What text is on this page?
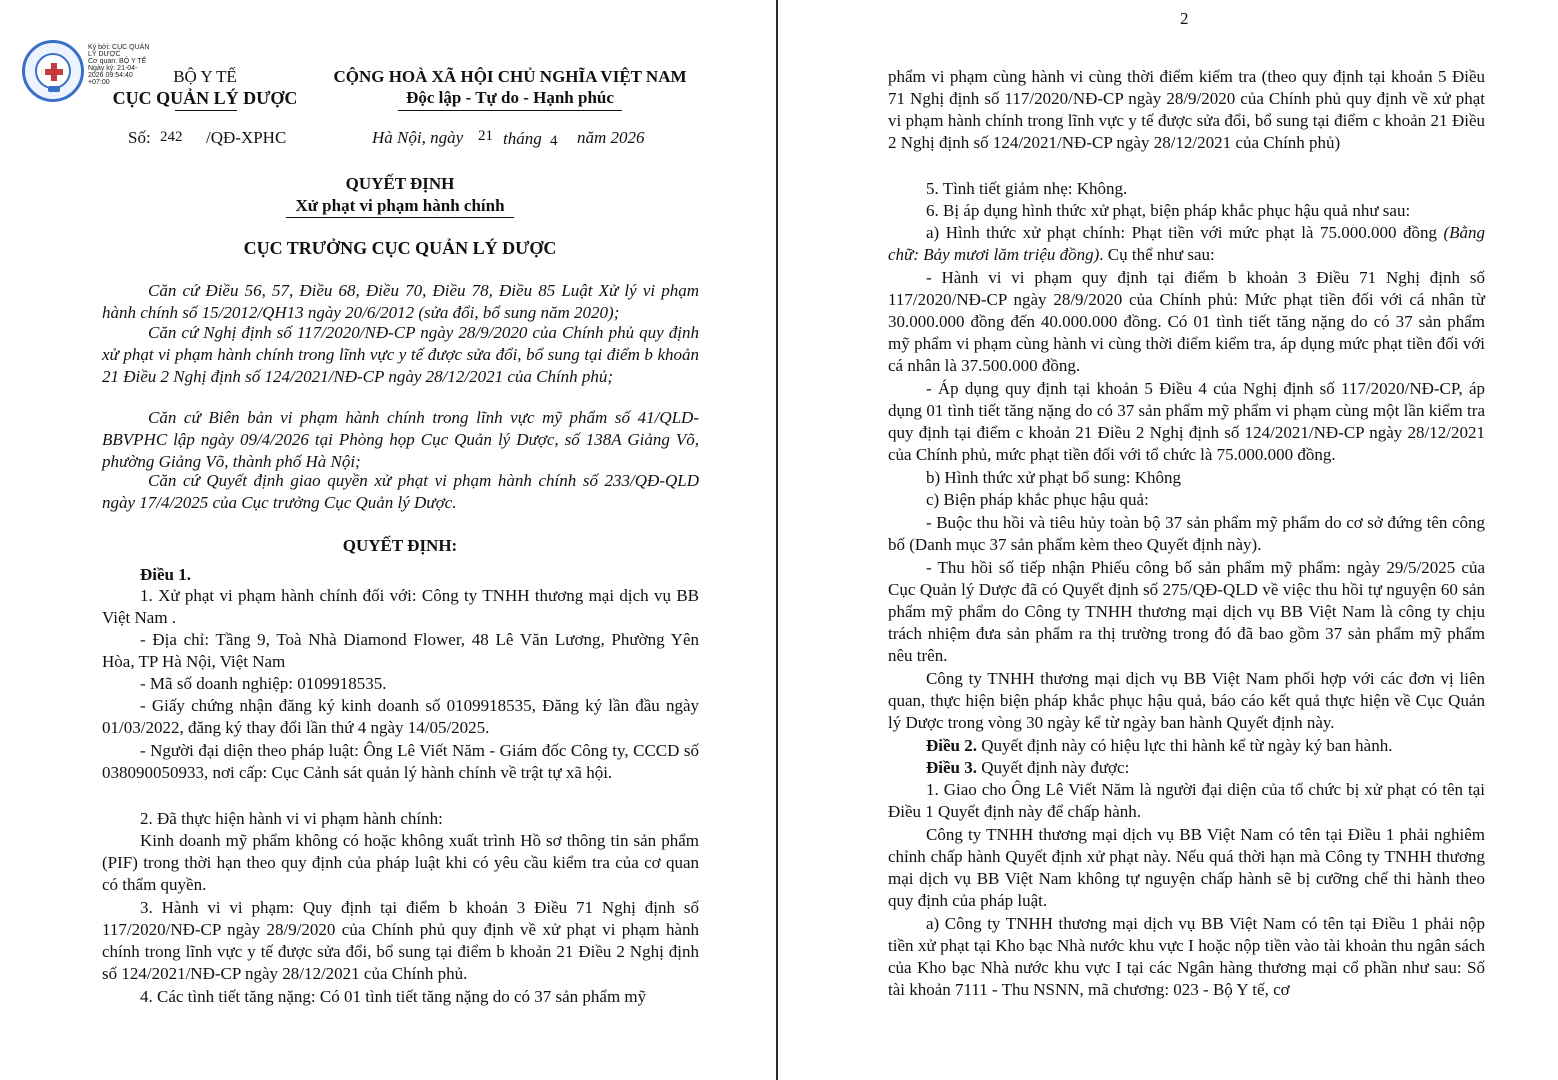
Ký bởi: CỤC QUẢN
LÝ DƯỢC
Cơ quan: BỘ Y TẾ
Ngày ký: 21-04-
2026 09:54:40
+07:00	BỘ Y TẾ
CỤC QUẢN LÝ DƯỢC
CỘNG HOÀ XÃ HỘI CHỦ NGHĨA VIỆT NAM
Độc lập - Tự do - Hạnh phúc
Số: 242 /QĐ-XPHC	Hà Nội, ngày 21 tháng 4 năm 2026
QUYẾT ĐỊNH
Xử phạt vi phạm hành chính
CỤC TRƯỞNG CỤC QUẢN LÝ DƯỢC
Căn cứ Điều 56, 57, Điều 68, Điều 70, Điều 78, Điều 85 Luật Xử lý vi phạm hành chính số 15/2012/QH13 ngày 20/6/2012 (sửa đổi, bổ sung năm 2020);
Căn cứ Nghị định số 117/2020/NĐ-CP ngày 28/9/2020 của Chính phủ quy định xử phạt vi phạm hành chính trong lĩnh vực y tế được sửa đổi, bổ sung tại điểm b khoản 21 Điều 2 Nghị định số 124/2021/NĐ-CP ngày 28/12/2021 của Chính phủ;
Căn cứ Biên bản vi phạm hành chính trong lĩnh vực mỹ phẩm số 41/QLD-BBVPHC lập ngày 09/4/2026 tại Phòng họp Cục Quản lý Dược, số 138A Giảng Võ, phường Giảng Võ, thành phố Hà Nội;
Căn cứ Quyết định giao quyền xử phạt vi phạm hành chính số 233/QĐ-QLD ngày 17/4/2025 của Cục trưởng Cục Quản lý Dược.
QUYẾT ĐỊNH:
Điều 1.
1. Xử phạt vi phạm hành chính đối với: Công ty TNHH thương mại dịch vụ BB Việt Nam .
- Địa chỉ: Tầng 9, Toà Nhà Diamond Flower, 48 Lê Văn Lương, Phường Yên Hòa, TP Hà Nội, Việt Nam
- Mã số doanh nghiệp: 0109918535.
- Giấy chứng nhận đăng ký kinh doanh số 0109918535, Đăng ký lần đầu ngày 01/03/2022, đăng ký thay đổi lần thứ 4 ngày 14/05/2025.
- Người đại diện theo pháp luật: Ông Lê Viết Năm - Giám đốc Công ty, CCCD số 038090050933, nơi cấp: Cục Cảnh sát quản lý hành chính về trật tự xã hội.
2. Đã thực hiện hành vi vi phạm hành chính:
Kinh doanh mỹ phẩm không có hoặc không xuất trình Hồ sơ thông tin sản phẩm (PIF) trong thời hạn theo quy định của pháp luật khi có yêu cầu kiểm tra của cơ quan có thẩm quyền.
3. Hành vi vi phạm: Quy định tại điểm b khoản 3 Điều 71 Nghị định số 117/2020/NĐ-CP ngày 28/9/2020 của Chính phủ quy định về xử phạt vi phạm hành chính trong lĩnh vực y tế được sửa đổi, bổ sung tại điểm b khoản 21 Điều 2 Nghị định số 124/2021/NĐ-CP ngày 28/12/2021 của Chính phủ.
4. Các tình tiết tăng nặng: Có 01 tình tiết tăng nặng do có 37 sản phẩm mỹ
2
phẩm vi phạm cùng hành vi cùng thời điểm kiểm tra (theo quy định tại khoản 5 Điều 71 Nghị định số 117/2020/NĐ-CP ngày 28/9/2020 của Chính phủ quy định về xử phạt vi phạm hành chính trong lĩnh vực y tế được sửa đổi, bổ sung tại điểm c khoản 21 Điều 2 Nghị định số 124/2021/NĐ-CP ngày 28/12/2021 của Chính phủ)
5. Tình tiết giảm nhẹ: Không.
6. Bị áp dụng hình thức xử phạt, biện pháp khắc phục hậu quả như sau:
a) Hình thức xử phạt chính: Phạt tiền với mức phạt là 75.000.000 đồng (Bằng chữ: Bảy mươi lăm triệu đồng). Cụ thể như sau:
- Hành vi vi phạm quy định tại điểm b khoản 3 Điều 71 Nghị định số 117/2020/NĐ-CP ngày 28/9/2020 của Chính phủ: Mức phạt tiền đối với cá nhân từ 30.000.000 đồng đến 40.000.000 đồng. Có 01 tình tiết tăng nặng do có 37 sản phẩm mỹ phẩm vi phạm cùng hành vi cùng thời điểm kiểm tra, áp dụng mức phạt tiền đối với cá nhân là 37.500.000 đồng.
- Áp dụng quy định tại khoản 5 Điều 4 của Nghị định số 117/2020/NĐ-CP, áp dụng 01 tình tiết tăng nặng do có 37 sản phẩm mỹ phẩm vi phạm cùng một lần kiểm tra quy định tại điểm c khoản 21 Điều 2 Nghị định số 124/2021/NĐ-CP ngày 28/12/2021 của Chính phủ, mức phạt tiền đối với tổ chức là 75.000.000 đồng.
b) Hình thức xử phạt bổ sung: Không
c) Biện pháp khắc phục hậu quả:
- Buộc thu hồi và tiêu hủy toàn bộ 37 sản phẩm mỹ phẩm do cơ sở đứng tên công bố (Danh mục 37 sản phẩm kèm theo Quyết định này).
- Thu hồi số tiếp nhận Phiếu công bố sản phẩm mỹ phẩm: ngày 29/5/2025 của Cục Quản lý Dược đã có Quyết định số 275/QĐ-QLD về việc thu hồi tự nguyện 60 sản phẩm mỹ phẩm do Công ty TNHH thương mại dịch vụ BB Việt Nam là công ty chịu trách nhiệm đưa sản phẩm ra thị trường trong đó đã bao gồm 37 sản phẩm mỹ phẩm nêu trên.
Công ty TNHH thương mại dịch vụ BB Việt Nam phối hợp với các đơn vị liên quan, thực hiện biện pháp khắc phục hậu quả, báo cáo kết quả thực hiện về Cục Quản lý Dược trong vòng 30 ngày kể từ ngày ban hành Quyết định này.
Điều 2. Quyết định này có hiệu lực thi hành kể từ ngày ký ban hành.
Điều 3. Quyết định này được:
1. Giao cho Ông Lê Viết Năm là người đại diện của tổ chức bị xử phạt có tên tại Điều 1 Quyết định này để chấp hành.
Công ty TNHH thương mại dịch vụ BB Việt Nam có tên tại Điều 1 phải nghiêm chỉnh chấp hành Quyết định xử phạt này. Nếu quá thời hạn mà Công ty TNHH thương mại dịch vụ BB Việt Nam không tự nguyện chấp hành sẽ bị cưỡng chế thi hành theo quy định của pháp luật.
a) Công ty TNHH thương mại dịch vụ BB Việt Nam có tên tại Điều 1 phải nộp tiền xử phạt tại Kho bạc Nhà nước khu vực I hoặc nộp tiền vào tài khoản thu ngân sách của Kho bạc Nhà nước khu vực I tại các Ngân hàng thương mại cổ phần như sau: Số tài khoản 7111 - Thu NSNN, mã chương: 023 - Bộ Y tế, cơ
